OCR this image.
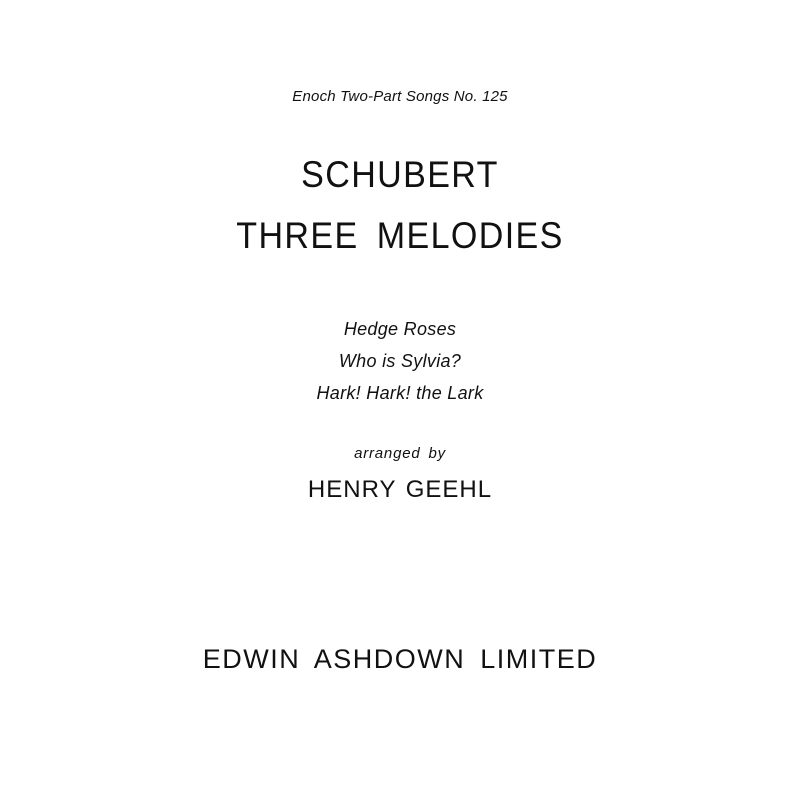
Enoch Two-Part Songs No. 125
SCHUBERT
THREE MELODIES
Hedge Roses
Who is Sylvia?
Hark! Hark! the Lark
arranged by
HENRY GEEHL
EDWIN ASHDOWN LIMITED
